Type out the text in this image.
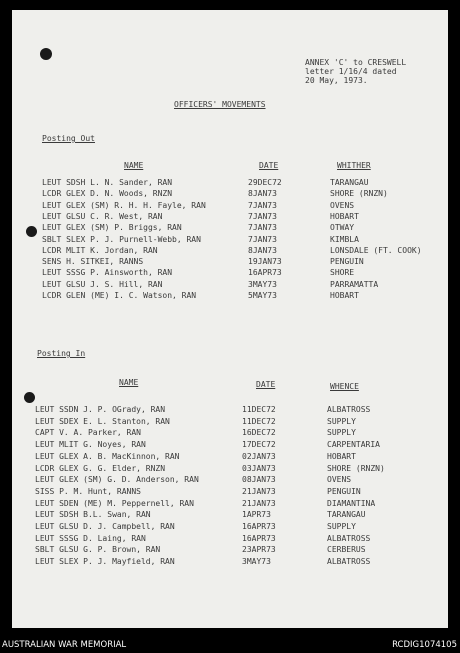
ANNEX 'C' to CRESWELL
letter 1/16/4 dated
20 May, 1973.
OFFICERS' MOVEMENTS
Posting Out
NAME	DATE	WHITHER
LEUT SDSH L. N. Sander, RAN	29DEC72	TARANGAU
LCDR GLEX D. N. Woods, RNZN	8JAN73	SHORE (RNZN)
LEUT GLEX (SM) R. H. H. Fayle, RAN	7JAN73	OVENS
LEUT GLSU C. R. West, RAN	7JAN73	HOBART
LEUT GLEX (SM) P. Briggs, RAN	7JAN73	OTWAY
SBLT SLEX P. J. Purnell-Webb, RAN	7JAN73	KIMBLA
LCDR MLIT K. Jordan, RAN	8JAN73	LONSDALE (FT. COOK)
SENS H. SITKEI, RANNS	19JAN73	PENGUIN
LEUT SSSG P. Ainsworth, RAN	16APR73	SHORE
LEUT GLSU J. S. Hill, RAN	3MAY73	PARRAMATTA
LCDR GLEN (ME) I. C. Watson, RAN	5MAY73	HOBART
Posting In
NAME	DATE	WHENCE
LEUT SSDN J. P. OGrady, RAN	11DEC72	ALBATROSS
LEUT SDEX E. L. Stanton, RAN	11DEC72	SUPPLY
CAPT V. A. Parker, RAN	16DEC72	SUPPLY
LEUT MLIT G. Noyes, RAN	17DEC72	CARPENTARIA
LEUT GLEX A. B. MacKinnon, RAN	02JAN73	HOBART
LCDR GLEX G. G. Elder, RNZN	03JAN73	SHORE (RNZN)
LEUT GLEX (SM) G. D. Anderson, RAN	08JAN73	OVENS
SISS P. M. Hunt, RANNS	21JAN73	PENGUIN
LEUT SDEN (ME) M. Peppernell, RAN	21JAN73	DIAMANTINA
LEUT SDSH B.L. Swan, RAN	1APR73	TARANGAU
LEUT GLSU D. J. Campbell, RAN	16APR73	SUPPLY
LEUT SSSG D. Laing, RAN	16APR73	ALBATROSS
SBLT GLSU G. P. Brown, RAN	23APR73	CERBERUS
LEUT SLEX P. J. Mayfield, RAN	3MAY73	ALBATROSS
AUSTRALIAN WAR MEMORIAL	RCDIG1074105
